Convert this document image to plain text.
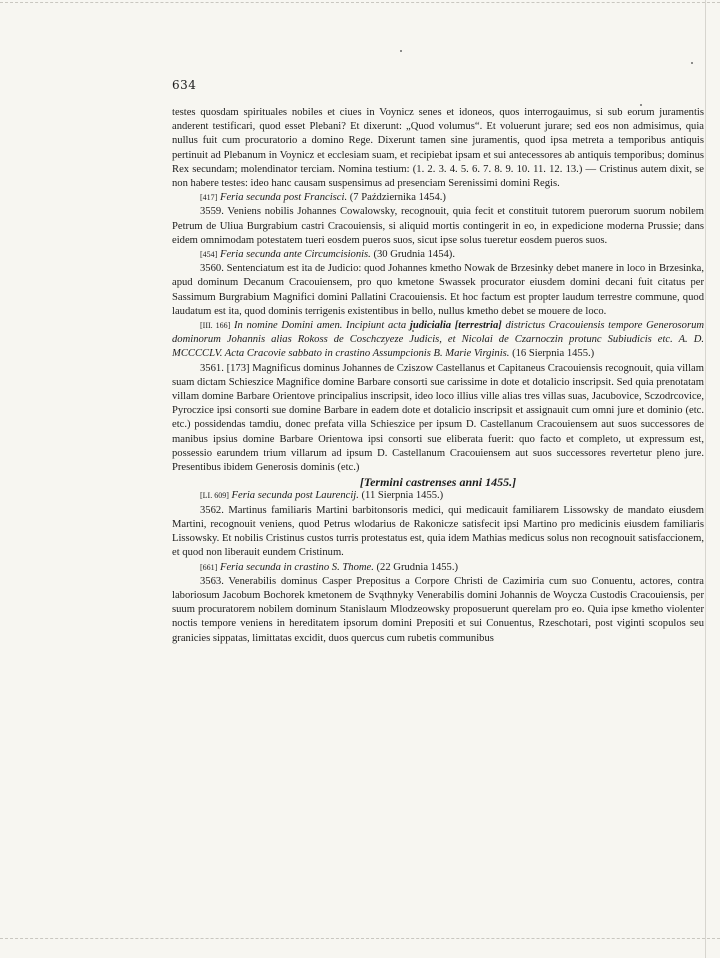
634

testes quosdam spirituales nobiles et ciues in Voynicz senes et idoneos, quos interrogauimus, si sub eorum juramentis anderent testificari, quod esset Plebani? Et dixerunt: „Quod volumus“. Et voluerunt jurare; sed eos non admisimus, quia nullus fuit cum procuratorio a domino Rege. Dixerunt tamen sine juramentis, quod ipsa metreta a temporibus antiquis pertinuit ad Plebanum in Voynicz et ecclesiam suam, et recipiebat ipsam et sui antecessores ab antiquis temporibus; dominus Rex secundam; molendinator terciam. Nomina testium: (1. 2. 3. 4. 5. 6. 7. 8. 9. 10. 11. 12. 13.) — Cristinus autem dixit, se non habere testes: ideo hanc causam suspensimus ad presenciam Serenissimi domini Regis.

[417] Feria secunda post Francisci. (7 Października 1454.)

3559. Veniens nobilis Johannes Cowalowsky, recognouit, quia fecit et constituit tutorem puerorum suorum nobilem Petrum de Uliua Burgrabium castri Cracouiensis, si aliquid mortis contingerit in eo, in expedicione moderna Prussie; dans eidem omnimodam potestatem tueri eosdem pueros suos, sicut ipse solus tueretur eosdem pueros suos.

[454] Feria secunda ante Circumcisionis. (30 Grudnia 1454).

3560. Sentenciatum est ita de Judicio: quod Johannes kmetho Nowak de Brzesinky debet manere in loco in Brzesinka, apud dominum Decanum Cracouiensem, pro quo kmetone Swassek procurator eiusdem domini decani fuit citatus per Sassimum Burgrabium Magnifici domini Pallatini Cracouiensis. Et hoc factum est propter laudum terrestre commune, quod laudatum est ita, quod dominis terrigenis existentibus in bello, nullus kmetho debet se mouere de loco.

[III. 166] In nomine Domini amen. Incipiunt acta judicialia [terrestria] districtus Cracouiensis tempore Generosorum dominorum Johannis alias Rokoss de Coschczyeze Judicis, et Nicolai de Czarnoczin protunc Subiudicis etc. A. D. MCCCCLV. Acta Cracovie sabbato in crastino Assumpcionis B. Marie Virginis. (16 Sierpnia 1455.)

3561. [173] Magnificus dominus Johannes de Cziszow Castellanus et Capitaneus Cracouiensis recognouit, quia villam suam dictam Schieszice Magnifice domine Barbare consorti sue carissime in dote et dotalicio inscripsit. Sed quia prenotatam villam domine Barbare Orientove principalius inscripsit, ideo loco illius ville alias tres villas suas, Jacubovice, Sczodrcovice, Pyroczice ipsi consorti sue domine Barbare in eadem dote et dotalicio inscripsit et assignauit cum omni jure et dominio (etc. etc.) possidendas tamdiu, donec prefata villa Schieszice per ipsum D. Castellanum Cracouiensem aut suos successores de manibus ipsius domine Barbare Orientowa ipsi consorti sue eliberata fuerit: quo facto et completo, ut expressum est, possessio earundem trium villarum ad ipsum D. Castellanum Cracouiensem aut suos successores revertetur pleno jure. Presentibus ibidem Generosis dominis (etc.)

[Termini castrenses anni 1455.]

[LI. 609] Feria secunda post Laurencij. (11 Sierpnia 1455.)

3562. Martinus familiaris Martini barbitonsoris medici, qui medicauit familiarem Lissowsky de mandato eiusdem Martini, recognouit veniens, quod Petrus wlodarius de Rakonicze satisfecit ipsi Martino pro medicinis eiusdem familiaris Lissowsky. Et nobilis Cristinus custos turris protestatus est, quia idem Mathias medicus solus non recognouit satisfaccionem, et quod non liberauit eundem Cristinum.

[661] Feria secunda in crastino S. Thome. (22 Grudnia 1455.)

3563. Venerabilis dominus Casper Prepositus a Corpore Christi de Cazimiria cum suo Conuentu, actores, contra laboriosum Jacobum Bochorek kmetonem de Svąthnyky Venerabilis domini Johannis de Woycza Custodis Cracouiensis, per suum procuratorem nobilem dominum Stanislaum Mlodzeowsky proposuerunt querelam pro eo. Quia ipse kmetho violenter noctis tempore veniens in hereditatem ipsorum domini Prepositi et sui Conuentus, Rzeschotari, post viginti scopulos seu granicies sippatas, limittatas excidit, duos quercus cum rubetis communibus
